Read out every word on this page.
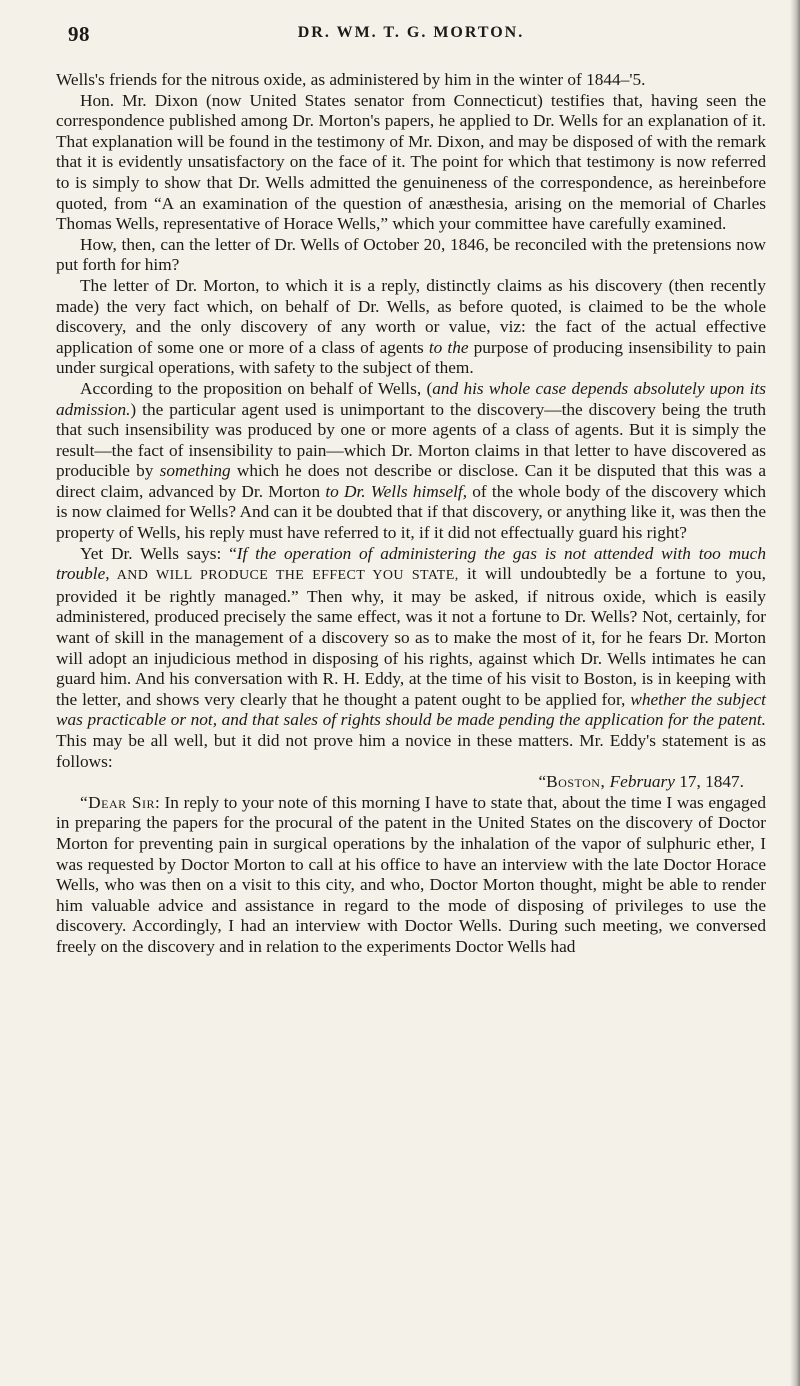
98	DR. WM. T. G. MORTON.

Wells's friends for the nitrous oxide, as administered by him in the winter of 1844–'5.

Hon. Mr. Dixon (now United States senator from Connecticut) testifies that, having seen the correspondence published among Dr. Morton's papers, he applied to Dr. Wells for an explanation of it. That explanation will be found in the testimony of Mr. Dixon, and may be disposed of with the remark that it is evidently unsatisfactory on the face of it. The point for which that testimony is now referred to is simply to show that Dr. Wells admitted the genuineness of the correspondence, as hereinbefore quoted, from “A an examination of the question of anæsthesia, arising on the memorial of Charles Thomas Wells, representative of Horace Wells,” which your committee have carefully examined.

How, then, can the letter of Dr. Wells of October 20, 1846, be reconciled with the pretensions now put forth for him?

The letter of Dr. Morton, to which it is a reply, distinctly claims as his discovery (then recently made) the very fact which, on behalf of Dr. Wells, as before quoted, is claimed to be the whole discovery, and the only discovery of any worth or value, viz: the fact of the actual effective application of some one or more of a class of agents to the purpose of producing insensibility to pain under surgical operations, with safety to the subject of them.

According to the proposition on behalf of Wells, (and his whole case depends absolutely upon its admission.) the particular agent used is unimportant to the discovery—the discovery being the truth that such insensibility was produced by one or more agents of a class of agents. But it is simply the result—the fact of insensibility to pain—which Dr. Morton claims in that letter to have discovered as producible by something which he does not describe or disclose. Can it be disputed that this was a direct claim, advanced by Dr. Morton to Dr. Wells himself, of the whole body of the discovery which is now claimed for Wells? And can it be doubted that if that discovery, or anything like it, was then the property of Wells, his reply must have referred to it, if it did not effectually guard his right?

Yet Dr. Wells says: “If the operation of administering the gas is not attended with too much trouble, AND WILL PRODUCE THE EFFECT YOU STATE, it will undoubtedly be a fortune to you, provided it be rightly managed.” Then why, it may be asked, if nitrous oxide, which is easily administered, produced precisely the same effect, was it not a fortune to Dr. Wells? Not, certainly, for want of skill in the management of a discovery so as to make the most of it, for he fears Dr. Morton will adopt an injudicious method in disposing of his rights, against which Dr. Wells intimates he can guard him. And his conversation with R. H. Eddy, at the time of his visit to Boston, is in keeping with the letter, and shows very clearly that he thought a patent ought to be applied for, whether the subject was practicable or not, and that sales of rights should be made pending the application for the patent. This may be all well, but it did not prove him a novice in these matters. Mr. Eddy's statement is as follows:

“Boston, February 17, 1847.

“Dear Sir: In reply to your note of this morning I have to state that, about the time I was engaged in preparing the papers for the procural of the patent in the United States on the discovery of Doctor Morton for preventing pain in surgical operations by the inhalation of the vapor of sulphuric ether, I was requested by Doctor Morton to call at his office to have an interview with the late Doctor Horace Wells, who was then on a visit to this city, and who, Doctor Morton thought, might be able to render him valuable advice and assistance in regard to the mode of disposing of privileges to use the discovery. Accordingly, I had an interview with Doctor Wells. During such meeting, we conversed freely on the discovery and in relation to the experiments Doctor Wells had
